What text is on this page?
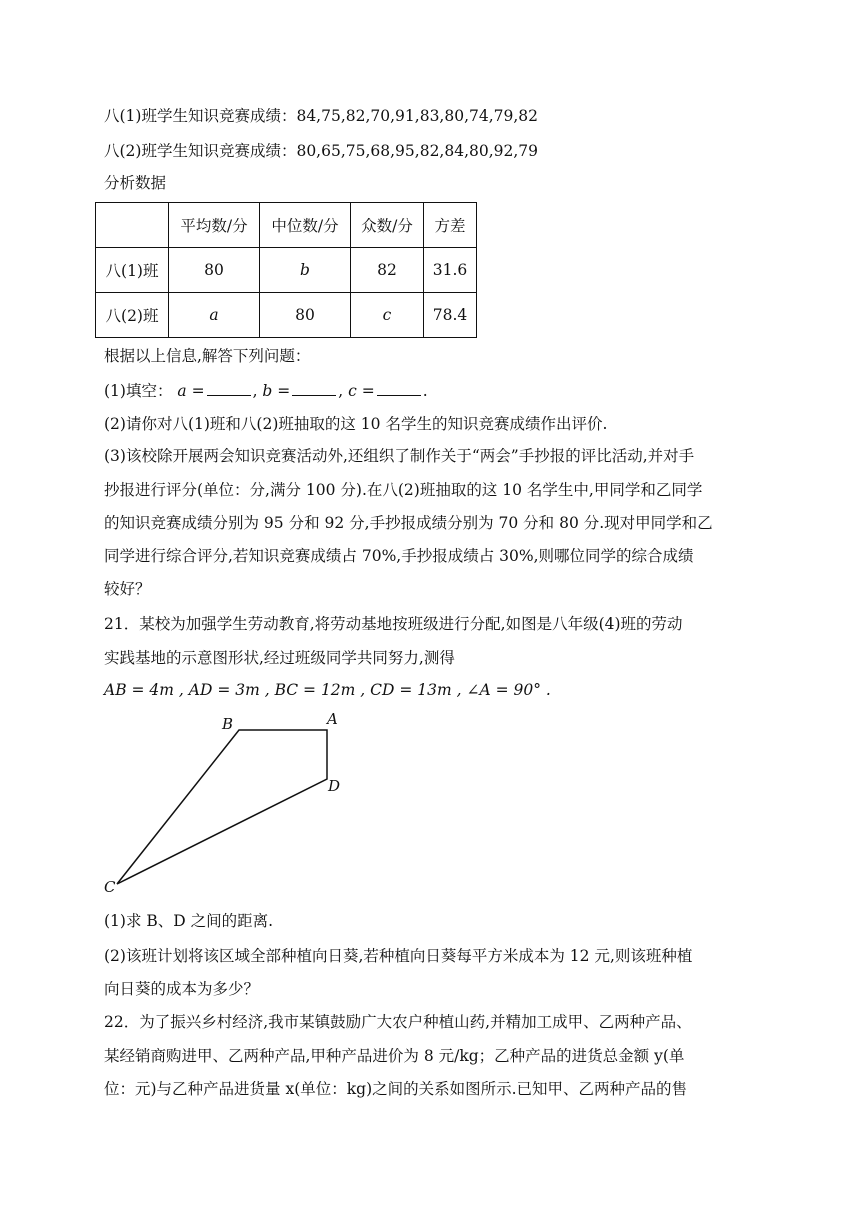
八(1)班学生知识竞赛成绩：84,75,82,70,91,83,80,74,79,82
八(2)班学生知识竞赛成绩：80,65,75,68,95,82,84,80,92,79
分析数据
	平均数/分	中位数/分	众数/分	方差
八(1)班	80	b	82	31.6
八(2)班	a	80	c	78.4
根据以上信息,解答下列问题：
(1)填空： a =	, b =	, c =	.
(2)请你对八(1)班和八(2)班抽取的这 10 名学生的知识竞赛成绩作出评价.
(3)该校除开展两会知识竞赛活动外,还组织了制作关于“两会”手抄报的评比活动,并对手
抄报进行评分(单位：分,满分 100 分).在八(2)班抽取的这 10 名学生中,甲同学和乙同学
的知识竞赛成绩分别为 95 分和 92 分,手抄报成绩分别为 70 分和 80 分.现对甲同学和乙
同学进行综合评分,若知识竞赛成绩占 70%,手抄报成绩占 30%,则哪位同学的综合成绩
较好？
21．某校为加强学生劳动教育,将劳动基地按班级进行分配,如图是八年级(4)班的劳动
实践基地的示意图形状,经过班级同学共同努力,测得
AB = 4m , AD = 3m , BC = 12m , CD = 13m , ∠A = 90° .
B	A
D
C
(1)求 B、D 之间的距离.
(2)该班计划将该区域全部种植向日葵,若种植向日葵每平方米成本为 12 元,则该班种植
向日葵的成本为多少？
22．为了振兴乡村经济,我市某镇鼓励广大农户种植山药,并精加工成甲、乙两种产品、
某经销商购进甲、乙两种产品,甲种产品进价为 8 元/kg；乙种产品的进货总金额 y(单
位：元)与乙种产品进货量 x(单位：kg)之间的关系如图所示.已知甲、乙两种产品的售
